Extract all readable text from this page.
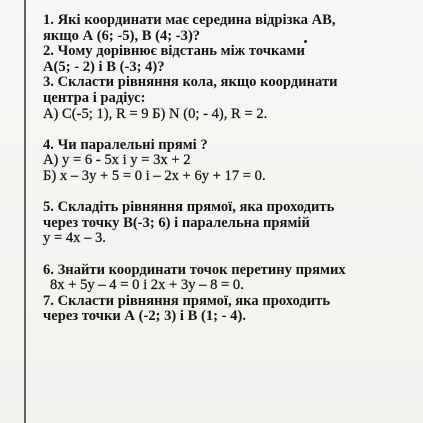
1. Які координати має середина відрізка АВ,
якщо А (6; -5), В (4; -3)?
2. Чому дорівнює відстань між точками
А(5; - 2) і В (-3; 4)?
3. Скласти рівняння кола, якщо координати
центра і радіус:
А) С(-5; 1), R = 9 Б) N (0; - 4), R = 2.
4. Чи паралельні прямі ?
А) у = 6 - 5х і у = 3х + 2
Б) х – 3у + 5 = 0 і – 2х + 6у + 17 = 0.
5. Складіть рівняння прямої, яка проходить
через точку В(-3; 6) і паралельна прямій
у = 4х – 3.
6. Знайти координати точок перетину прямих
8х + 5у – 4 = 0 і 2х + 3у – 8 = 0.
7. Скласти рівняння прямої, яка проходить
через точки А (-2; 3) і В (1; - 4).
